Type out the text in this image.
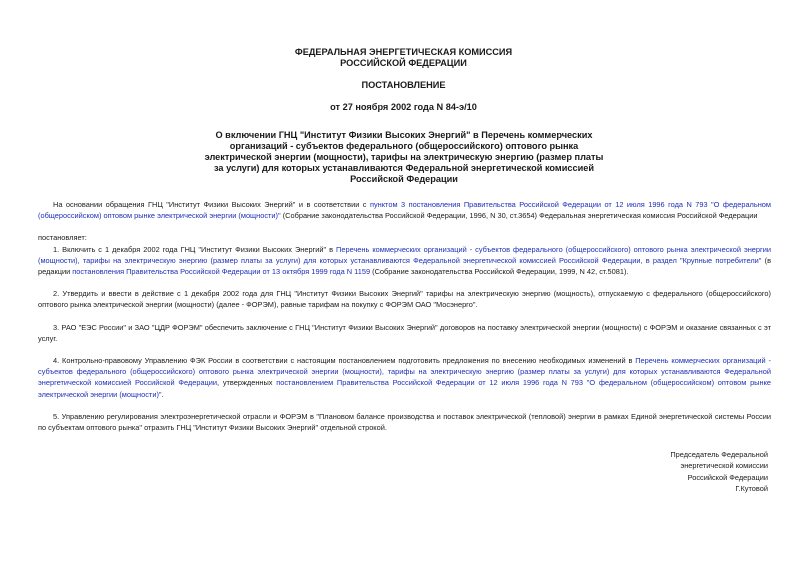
ФЕДЕРАЛЬНАЯ ЭНЕРГЕТИЧЕСКАЯ КОМИССИЯ
РОССИЙСКОЙ ФЕДЕРАЦИИ
ПОСТАНОВЛЕНИЕ
от 27 ноября 2002 года N 84-э/10
О включении ГНЦ "Институт Физики Высоких Энергий" в Перечень коммерческих организаций - субъектов федерального (общероссийского) оптового рынка электрической энергии (мощности), тарифы на электрическую энергию (размер платы за услуги) для которых устанавливаются Федеральной энергетической комиссией Российской Федерации

На основании обращения ГНЦ "Институт Физики Высоких Энергий" и в соответствии с пунктом 3 постановления Правительства Российской Федерации от 12 июля 1996 года N 793 "О федеральном (общероссийском) оптовом рынке электрической энергии (мощности)" (Собрание законодательства Российской Федерации, 1996, N 30, ст.3654) Федеральная энергетическая комиссия Российской Федерации

постановляет:

1. Включить с 1 декабря 2002 года ГНЦ "Институт Физики Высоких Энергий" в Перечень коммерческих организаций - субъектов федерального (общероссийского) оптового рынка электрической энергии (мощности), тарифы на электрическую энергию (размер платы за услуги) для которых устанавливаются Федеральной энергетической комиссией Российской Федерации, в раздел "Крупные потребители" (в редакции постановления Правительства Российской Федерации от 13 октября 1999 года N 1159 (Собрание законодательства Российской Федерации, 1999, N 42, ст.5081).

2. Утвердить и ввести в действие с 1 декабря 2002 года для ГНЦ "Институт Физики Высоких Энергий" тарифы на электрическую энергию (мощность), отпускаемую с федерального (общероссийского) оптового рынка электрической энергии (мощности) (далее - ФОРЭМ), равные тарифам на покупку с ФОРЭМ ОАО "Мосэнерго".

3. РАО "ЕЭС России" и ЗАО "ЦДР ФОРЭМ" обеспечить заключение с ГНЦ "Институт Физики Высоких Энергий" договоров на поставку электрической энергии (мощности) с ФОРЭМ и оказание связанных с эт услуг.

4. Контрольно-правовому Управлению ФЭК России в соответствии с настоящим постановлением подготовить предложения по внесению необходимых изменений в Перечень коммерческих организаций - субъектов федерального (общероссийского) оптового рынка электрической энергии (мощности), тарифы на электрическую энергию (размер платы за услуги) для которых устанавливаются Федеральной энергетической комиссией Российской Федерации, утвержденных постановлением Правительства Российской Федерации от 12 июля 1996 года N 793 "О федеральном (общероссийском) оптовом рынке электрической энергии (мощности)".

5. Управлению регулирования электроэнергетической отрасли и ФОРЭМ в "Плановом балансе производства и поставок электрической (тепловой) энергии в рамках Единой энергетической системы России по субъектам оптового рынка" отразить ГНЦ "Институт Физики Высоких Энергий" отдельной строкой.

Председатель Федеральной
энергетической комиссии
Российской Федерации
Г.Кутовой
